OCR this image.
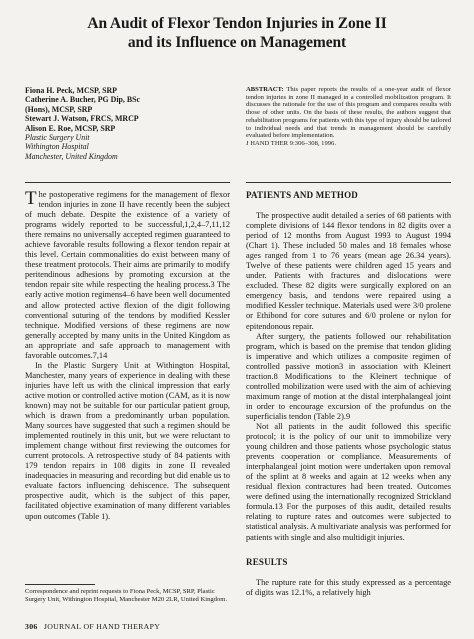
An Audit of Flexor Tendon Injuries in Zone II
and its Influence on Management
Fiona H. Peck, MCSP, SRP
Catherine A. Bucher, PG Dip, BSc
(Hons), MCSP, SRP
Stewart J. Watson, FRCS, MRCP
Alison E. Roe, MCSP, SRP
Plastic Surgery Unit
Withington Hospital
Manchester, United Kingdom
ABSTRACT: This paper reports the results of a one-year audit of flexor tendon injuries in zone II managed in a controlled mobilization program. It discusses the rationale for the use of this program and compares results with those of other units. On the basis of these results, the authors suggest that rehabilitation programs for patients with this type of injury should be tailored to individual needs and that trends in management should be carefully evaluated before implementation.
J HAND THER 9:306–308, 1996.

The postoperative regimens for the management of flexor tendon injuries in zone II have recently been the subject of much debate. Despite the existence of a variety of programs widely reported to be successful,1,2,4–7,11,12 there remains no universally accepted regimen guaranteed to achieve favorable results following a flexor tendon repair at this level. Certain commonalities do exist between many of these treatment protocols. Their aims are primarily to modify peritendinous adhesions by promoting excursion at the tendon repair site while respecting the healing process.3 The early active motion regimens4–6 have been well documented and allow protected active flexion of the digit following conventional suturing of the tendons by modified Kessler technique. Modified versions of these regimens are now generally accepted by many units in the United Kingdom as an appropriate and safe approach to management with favorable outcomes.7,14

In the Plastic Surgery Unit at Withington Hospital, Manchester, many years of experience in dealing with these injuries have left us with the clinical impression that early active motion or controlled active motion (CAM, as it is now known) may not be suitable for our particular patient group, which is drawn from a predominantly urban population. Many sources have suggested that such a regimen should be implemented routinely in this unit, but we were reluctant to implement change without first reviewing the outcomes for current protocols. A retrospective study of 84 patients with 179 tendon repairs in 108 digits in zone II revealed inadequacies in measuring and recording but did enable us to evaluate factors influencing dehiscence. The subsequent prospective audit, which is the subject of this paper, facilitated objective examination of many different variables upon outcomes (Table 1).

Correspondence and reprint requests to Fiona Peck, MCSP, SRP, Plastic Surgery Unit, Withington Hospital, Manchester M20 2LR, United Kingdom.
306 JOURNAL OF HAND THERAPY
PATIENTS AND METHOD

The prospective audit detailed a series of 68 patients with complete divisions of 144 flexor tendons in 82 digits over a period of 12 months from August 1993 to August 1994 (Chart 1). These included 50 males and 18 females whose ages ranged from 1 to 76 years (mean age 26.34 years). Twelve of these patients were children aged 15 years and under. Patients with fractures and dislocations were excluded. These 82 digits were surgically explored on an emergency basis, and tendons were repaired using a modified Kessler technique. Materials used were 3/0 prolene or Ethibond for core sutures and 6/0 prolene or nylon for epitendonous repair.

After surgery, the patients followed our rehabilitation program, which is based on the premise that tendon gliding is imperative and which utilizes a composite regimen of controlled passive motion3 in association with Kleinert traction.8 Modifications to the Kleinert technique of controlled mobilization were used with the aim of achieving maximum range of motion at the distal interphalangeal joint in order to encourage excursion of the profundus on the superficialis tendon (Table 2).9

Not all patients in the audit followed this specific protocol; it is the policy of our unit to immobilize very young children and those patients whose psychologic status prevents cooperation or compliance. Measurements of interphalangeal joint motion were undertaken upon removal of the splint at 8 weeks and again at 12 weeks when any residual flexion contractures had been treated. Outcomes were defined using the internationally recognized Strickland formula.13 For the purposes of this audit, detailed results relating to rupture rates and outcomes were subjected to statistical analysis. A multivariate analysis was performed for patients with single and also multidigit injuries.

RESULTS

The rupture rate for this study expressed as a percentage of digits was 12.1%, a relatively high
